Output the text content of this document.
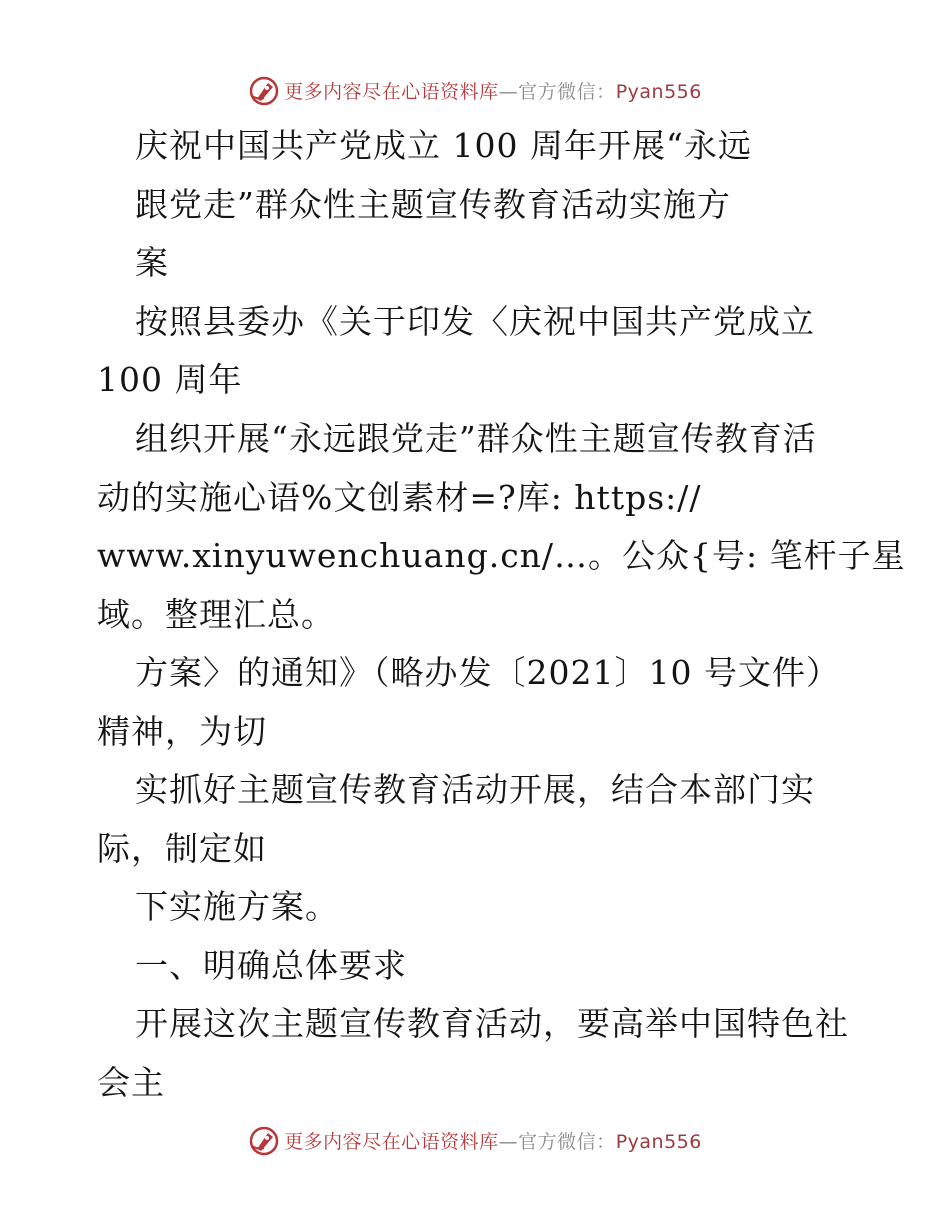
更多内容尽在心语资料库—官方微信：Pyan556
庆祝中国共产党成立 100 周年开展“永远
跟党走”群众性主题宣传教育活动实施方
案
按照县委办《关于印发〈庆祝中国共产党成立
100 周年
组织开展“永远跟党走”群众性主题宣传教育活
动的实施心语%文创素材=?库: https://
www.xinyuwenchuang.cn/…。公众{号: 笔杆子星
域。整理汇总。
方案〉的通知》（略办发〔2021〕10 号文件）
精神，为切
实抓好主题宣传教育活动开展，结合本部门实
际，制定如
下实施方案。
一、明确总体要求
开展这次主题宣传教育活动，要高举中国特色社
会主
更多内容尽在心语资料库—官方微信：Pyan556
